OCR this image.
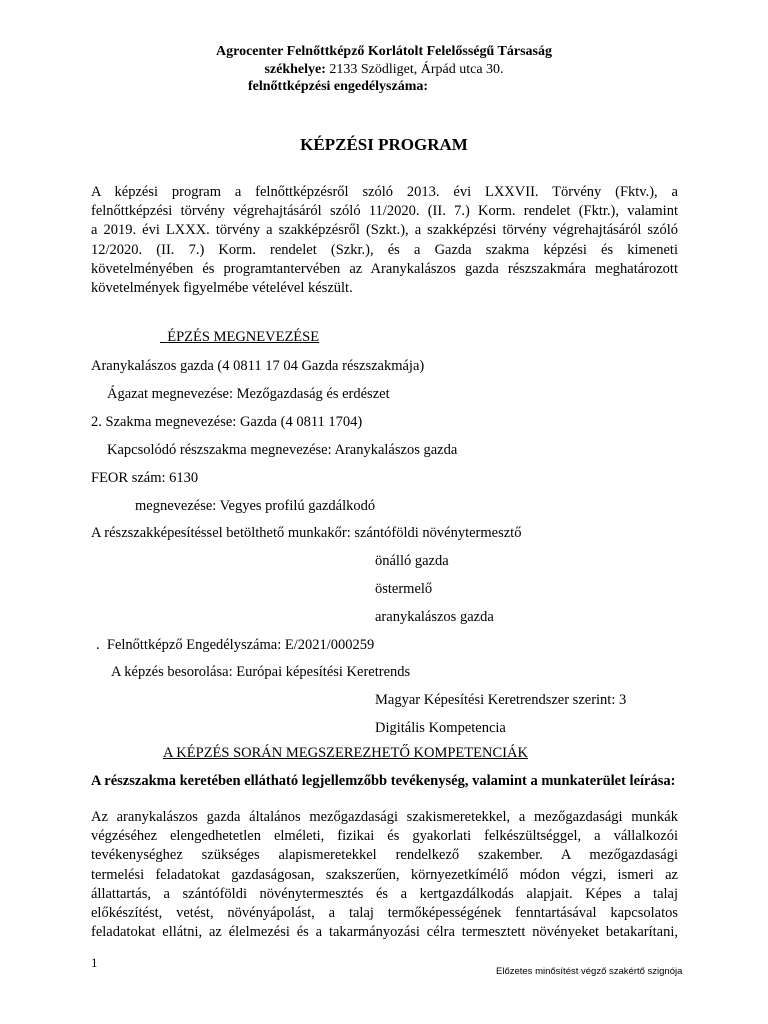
Agrocenter Felnőttképző Korlátolt Felelősségű Társaság
székhelye: 2133 Szödliget, Árpád utca 30.
felnőttképzési engedélyszáma:
KÉPZÉSI PROGRAM
A képzési program a felnőttképzésről szóló 2013. évi LXXVII. Törvény (Fktv.), a
felnőttképzési törvény végrehajtásáról szóló 11/2020. (II. 7.) Korm. rendelet (Fktr.), valamint
a 2019. évi LXXX. törvény a szakképzésről (Szkt.), a szakképzési törvény végrehajtásáról szóló
12/2020. (II. 7.) Korm. rendelet (Szkr.), és a Gazda szakma képzési és kimeneti
követelményében és programtantervében az Aranykalászos gazda részszakmára meghatározott
követelmények figyelmébe vételével készült.
ÉPZÉS MEGNEVEZÉSE
Aranykalászos gazda (4 0811 17 04 Gazda részszakmája)
Ágazat megnevezése: Mezőgazdaság és erdészet
2. Szakma megnevezése: Gazda (4 0811 1704)
Kapcsolódó részszakma megnevezése: Aranykalászos gazda
FEOR szám: 6130
megnevezése: Vegyes profilú gazdálkodó
A részszakképesítéssel betölthető munkakőr: szántóföldi növénytermesztő
önálló gazda
östermelő
aranykalászos gazda
.  Felnőttképző Engedélyszáma: E/2021/000259
A képzés besorolása: Európai képesítési Keretrends
Magyar Képesítési Keretrendszer szerint: 3
Digitális Kompetencia
A KÉPZÉS SORÁN MEGSZEREZHETŐ KOMPETENCIÁK
A részszakma keretében ellátható legjellemzőbb tevékenység, valamint a munkaterület leírása:
Az aranykalászos gazda általános mezőgazdasági szakismeretekkel, a mezőgazdasági munkák
végzéséhez elengedhetetlen elméleti, fizikai és gyakorlati felkészültséggel, a vállalkozói
tevékenységhez szükséges alapismeretekkel rendelkező szakember. A mezőgazdasági
termelési feladatokat gazdaságosan, szakszerűen, környezetkímélő módon végzi, ismeri az
állattartás, a szántóföldi növénytermesztés és a kertgazdálkodás alapjait. Képes a talaj
előkészítést, vetést, növényápolást, a talaj termőképességének fenntartásával kapcsolatos
feladatokat ellátni, az élelmezési és a takarmányozási célra termesztett növényeket betakarítani,
1
Előzetes minősítést végző szakértő szignója
